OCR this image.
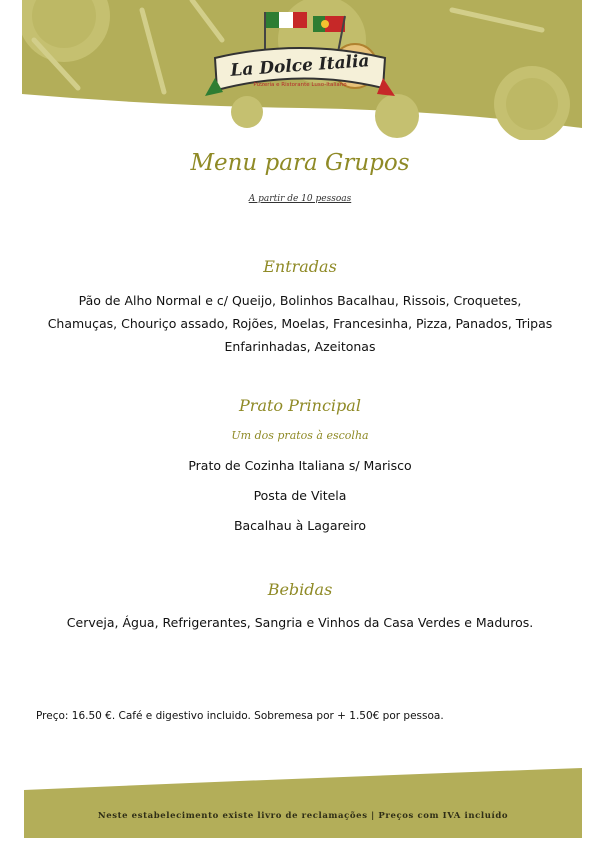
La Dolce Italia
Pizzeria e Ristorante Luso-Italiano
Menu para Grupos
A partir de 10 pessoas
Entradas
Pão de Alho Normal e c/ Queijo, Bolinhos Bacalhau, Rissois, Croquetes,
Chamuças, Chouriço assado, Rojões, Moelas, Francesinha, Pizza, Panados, Tripas
Enfarinhadas, Azeitonas
Prato Principal
Um dos pratos à escolha
Prato de Cozinha Italiana s/ Marisco
Posta de Vitela
Bacalhau à Lagareiro
Bebidas
Cerveja, Água, Refrigerantes, Sangria e Vinhos da Casa Verdes e Maduros.
Preço: 16.50 €. Café e digestivo incluido. Sobremesa por + 1.50€ por pessoa.
Neste estabelecimento existe livro de reclamações | Preços com IVA incluído
